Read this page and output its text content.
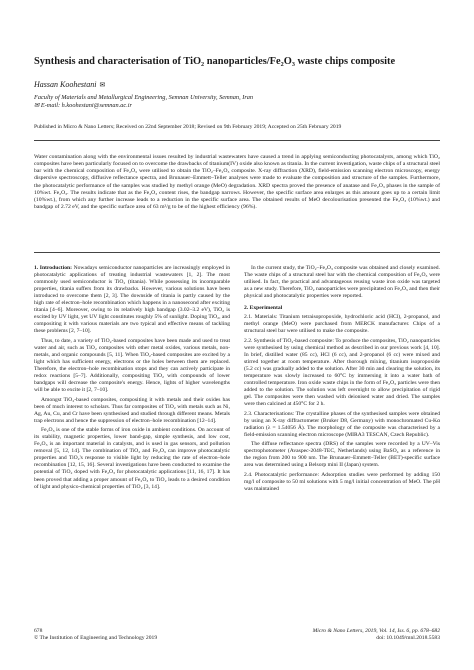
Synthesis and characterisation of TiO₂ nanoparticles/Fe₂O₃ waste chips composite
Hassan Koohestani ✉
Faculty of Materials and Metallurgical Engineering, Semnan University, Semnan, Iran
✉ E-mail: h.koohestani@semnan.ac.ir
Published in Micro & Nano Letters; Received on 22nd September 2018; Revised on 9th February 2019; Accepted on 25th February 2019
Water contamination along with the environmental issues resulted by industrial wastewaters have caused a trend in applying semiconducting photocatalysts, among which TiO₂ composites have been particularly focused on to overcome the drawbacks of titanium(IV) oxide also known as titania. In the current investigation, waste chips of a structural steel bar with the chemical composition of Fe₂O₃ were utilised to obtain the TiO₂–Fe₂O₃ composite. X-ray diffraction (XRD), field-emission scanning electron microscopy, energy dispersive spectroscopy, diffusive reflectance spectra, and Brunauer–Emmett–Teller analyses were made to evaluate the composition and structure of the samples. Furthermore, the photocatalytic performance of the samples was studied by methyl orange (MeO) degradation. XRD spectra proved the presence of anatase and Fe₂O₃ phases in the sample of 10%wt. Fe₂O₃. The results indicate that as the Fe₂O₃ content rises, the bandgap narrows. However, the specific surface area enlarges as this amount goes up to a certain limit (10%wt.), from which any further increase leads to a reduction in the specific surface area. The obtained results of MeO decolourisation presented the Fe₂O₃ (10%wt.) and bandgap of 2.72 eV, and the specific surface area of 63 m²/g to be of the highest efficiency (96%).

1. Introduction: Nowadays semiconductor nanoparticles are increasingly employed in photocatalytic applications of treating industrial wastewaters [1, 2]. The most commonly used semiconductor is TiO₂ (titania). While possessing its incomparable properties, titania suffers from its drawbacks. However, various solutions have been introduced to overcome them [2, 3]. The downside of titania is partly caused by the high rate of electron–hole recombination which happens in a nanosecond after exciting titania [4–6]. Moreover, owing to its relatively high bandgap (3.02–3.2 eV), TiO₂ is excited by UV light, yet UV light constitutes roughly 5% of sunlight. Doping TiO₂, and compositing it with various materials are two typical and effective means of tackling these problems [2, 7–10].

Thus, to date, a variety of TiO₂-based composites have been made and used to treat water and air, such as TiO₂ composites with other metal oxides, various metals, non-metals, and organic compounds [5, 11]. When TiO₂-based composites are excited by a light which has sufficient energy, electrons or the holes between them are replaced. Therefore, the electron–hole recombination stops and they can actively participate in redox reactions [5–7]. Additionally, compositing TiO₂ with compounds of lower bandgaps will decrease the composite's energy. Hence, lights of higher wavelengths will be able to excite it [2, 7–10].

Amongst TiO₂-based composites, compositing it with metals and their oxides has been of much interest to scholars. Thus far composites of TiO₂ with metals such as Ni, Ag, Au, Cu, and Cr have been synthesised and studied through different means. Metals trap electrons and hence the suppression of electron–hole recombination [12–14].

Fe₂O₃ is one of the stable forms of iron oxide in ambient conditions. On account of its stability, magnetic properties, lower band-gap, simple synthesis, and low cost, Fe₂O₃ is an important material in catalysts, and is used in gas sensors, and pollution removal [5, 12, 14]. The combination of TiO₂ and Fe₂O₃ can improve photocatalytic properties and TiO₂'s response to visible light by reducing the rate of electron–hole recombination [12, 15, 16]. Several investigations have been conducted to examine the potential of TiO₂ doped with Fe₂O₃ for photocatalytic applications [11, 16, 17]. It has been proved that adding a proper amount of Fe₂O₃ to TiO₂ leads to a desired condition of light and physico-chemical properties of TiO₂ [3, 14].

In the current study, the TiO₂–Fe₂O₃ composite was obtained and closely examined. The waste chips of a structural steel bar with the chemical composition of Fe₂O₃ were utilised. In fact, the practical and advantageous reusing waste iron oxide was targeted as a new study. Therefore, TiO₂ nanoparticles were precipitated on Fe₂O₃ and then their physical and photocatalytic properties were reported.

2. Experimental

2.1. Materials: Titanium tetraisopropoxide, hydrochloric acid (HCl), 2-propanol, and methyl orange (MeO) were purchased from MERCK manufacturer. Chips of a structural steel bar were utilised to make the composite.

2.2. Synthesis of TiO₂-based composite: To produce the composites, TiO₂ nanoparticles were synthesised by using chemical method as described in our previous work [4, 10]. In brief, distilled water (85 cc), HCl (6 cc), and 2-propanol (6 cc) were mixed and stirred together at room temperature. After thorough mixing, titanium isopropoxide (5.2 cc) was gradually added to the solution. After 30 min and clearing the solution, its temperature was slowly increased to 60°C by immersing it into a water bath of controlled temperature. Iron oxide waste chips in the form of Fe₂O₃ particles were then added to the solution. The solution was left overnight to allow precipitation of rigid gel. The composites were then washed with deionised water and dried. The samples were then calcined at 450°C for 2 h.

2.3. Characterisations: The crystalline phases of the synthesised samples were obtained by using an X-ray diffractometer (Bruker D8, Germany) with monochromated Cu-Kα radiation (λ = 1.54056 Å). The morphology of the composite was characterised by a field-emission scanning electron microscope (MIRA3 TESCAN, Czech Republic).

The diffuse reflectance spectra (DRS) of the samples were recorded by a UV–Vis spectrophotometer (Avaspec-2048-TEC, Netherlands) using BaSO₄ as a reference in the region from 200 to 900 nm. The Brunauer–Emmett–Teller (BET)-specific surface area was determined using a Belsorp mini II (Japan) system.

2.4. Photocatalytic performance: Adsorption studies were performed by adding 150 mg/l of composite to 50 ml solutions with 5 mg/l initial concentration of MeO. The pH was maintained

678
© The Institution of Engineering and Technology 2019
Micro & Nano Letters, 2019, Vol. 14, Iss. 6, pp. 678–682
doi: 10.1049/mnl.2018.5583
